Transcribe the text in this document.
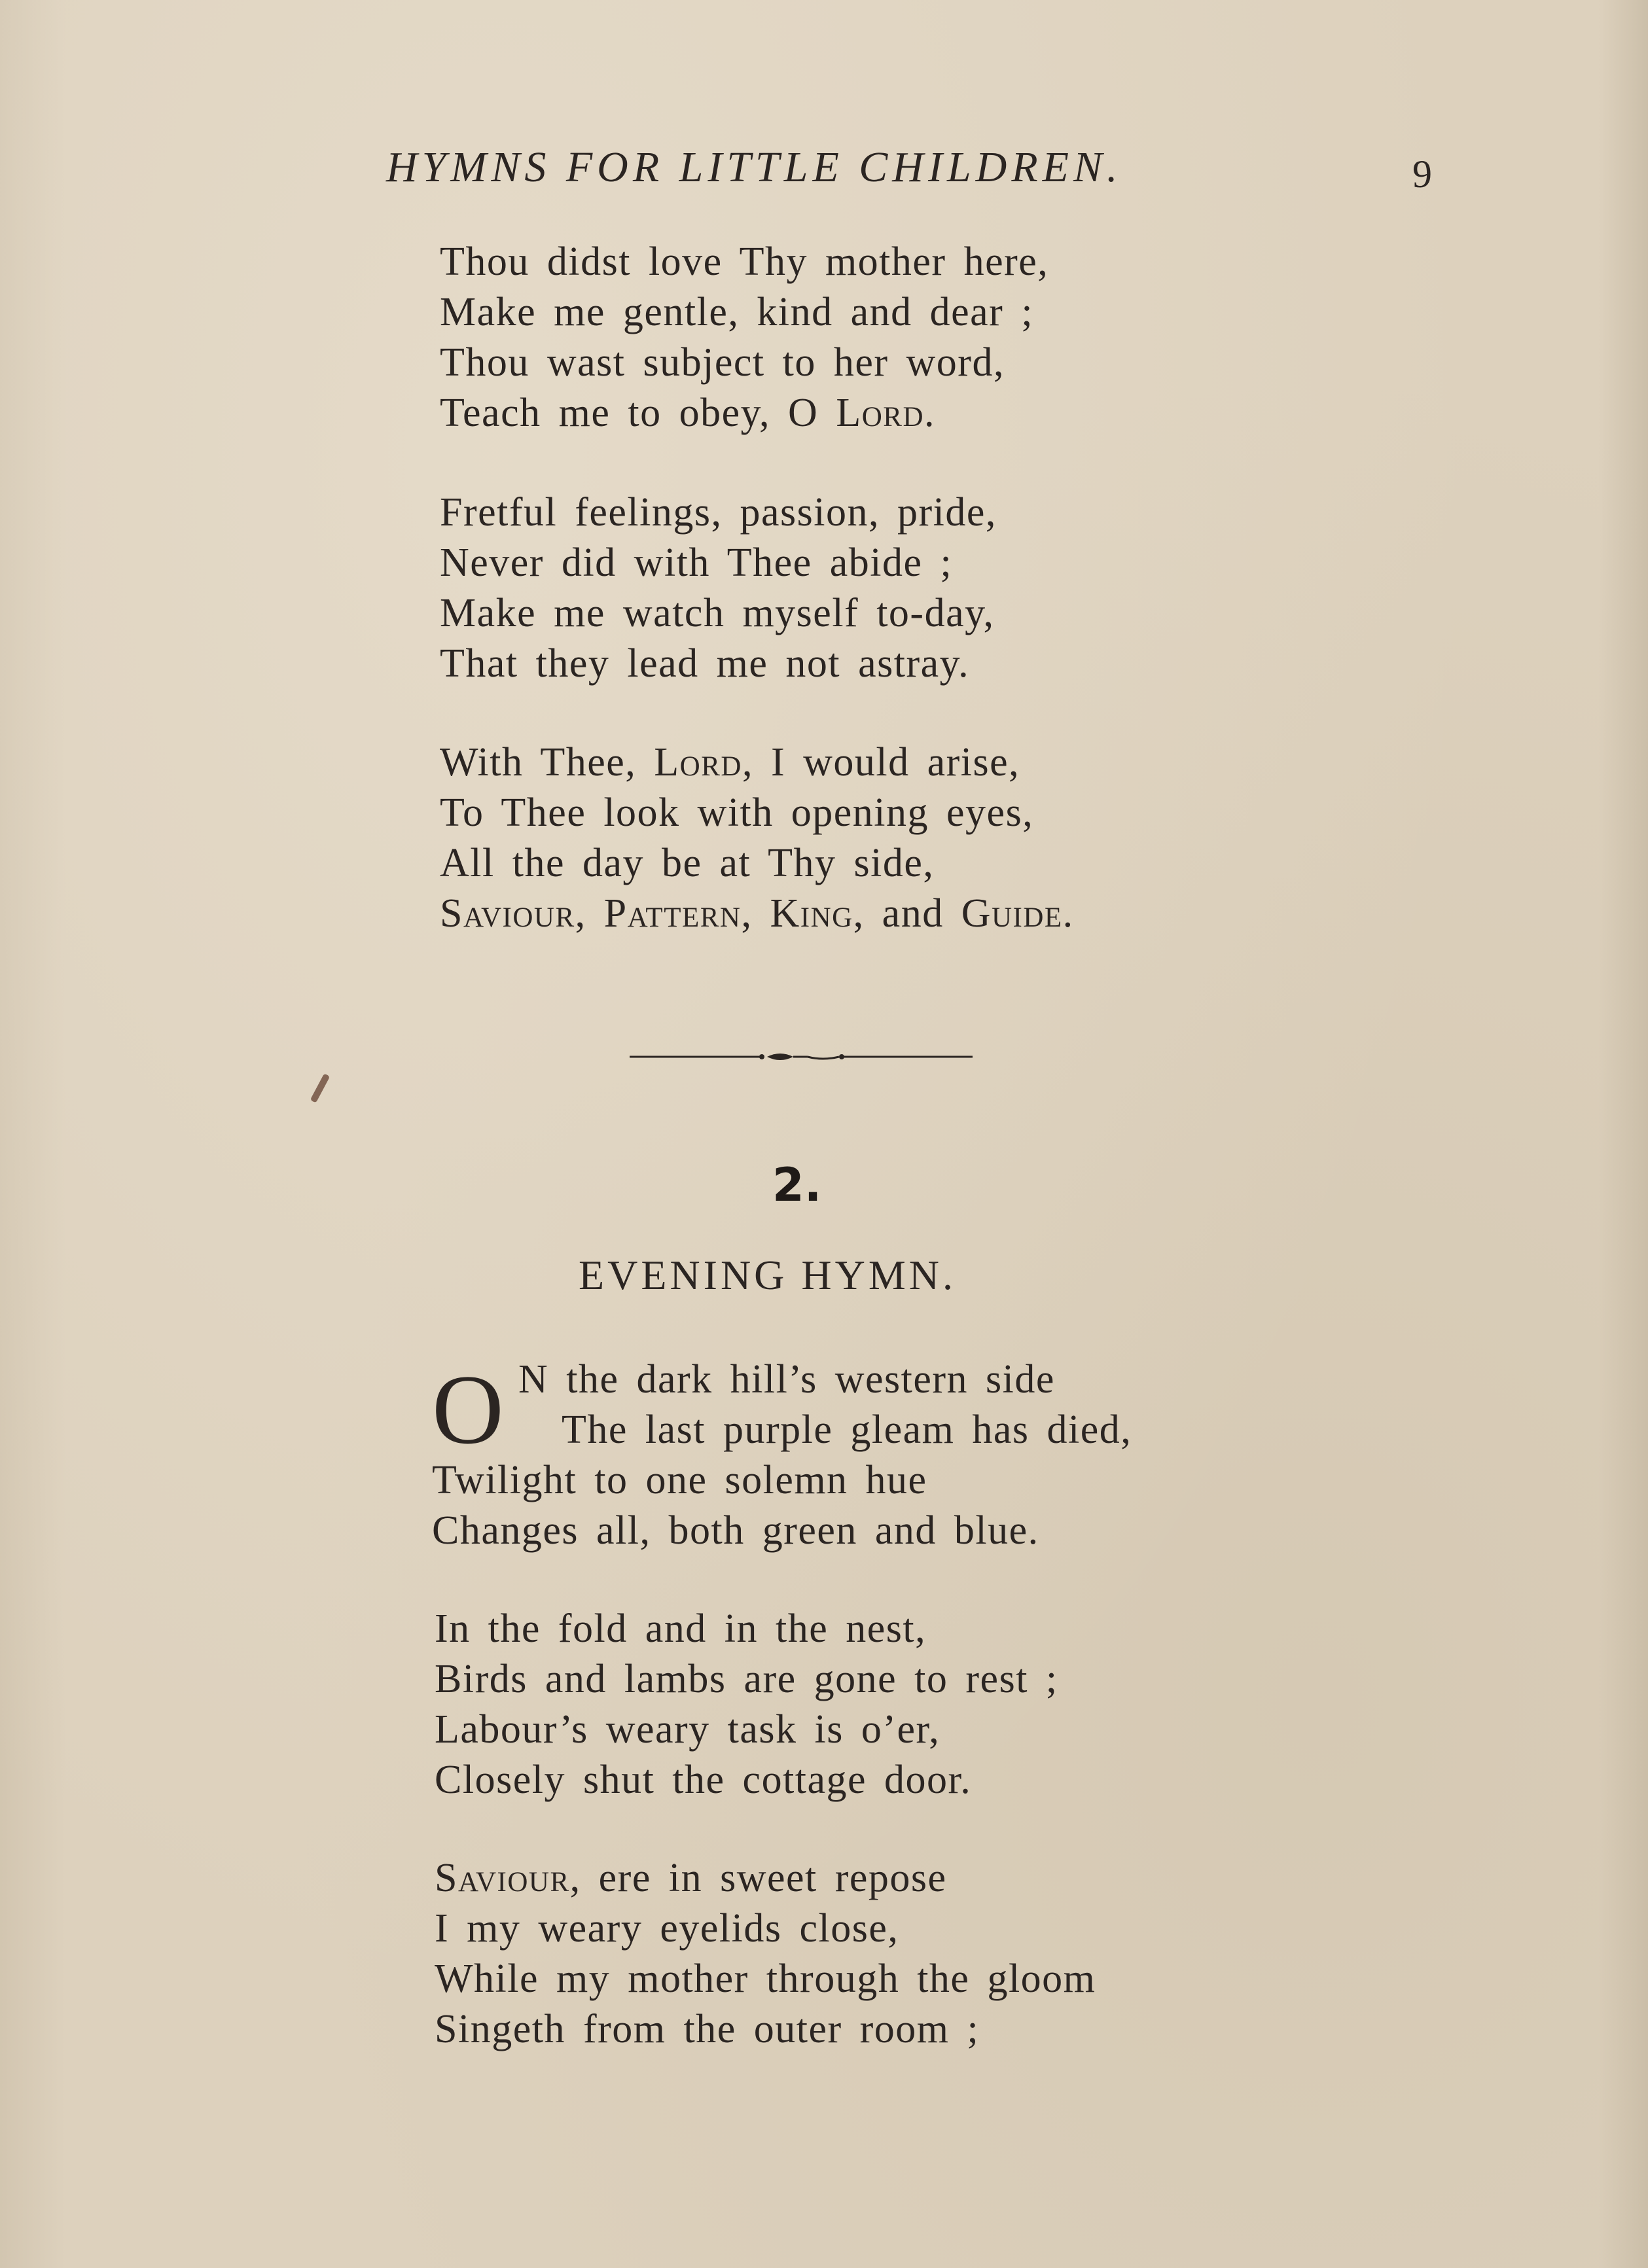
HYMNS FOR LITTLE CHILDREN.	9
Thou didst love Thy mother here,
Make me gentle, kind and dear ;
Thou wast subject to her word,
Teach me to obey, O Lord.
Fretful feelings, passion, pride,
Never did with Thee abide ;
Make me watch myself to-day,
That they lead me not astray.
With Thee, Lord, I would arise,
To Thee look with opening eyes,
All the day be at Thy side,
Saviour, Pattern, King, and Guide.
2.
EVENING HYMN.
O N the dark hill’s western side
The last purple gleam has died,
Twilight to one solemn hue
Changes all, both green and blue.
In the fold and in the nest,
Birds and lambs are gone to rest ;
Labour’s weary task is o’er,
Closely shut the cottage door.
Saviour, ere in sweet repose
I my weary eyelids close,
While my mother through the gloom
Singeth from the outer room ;
